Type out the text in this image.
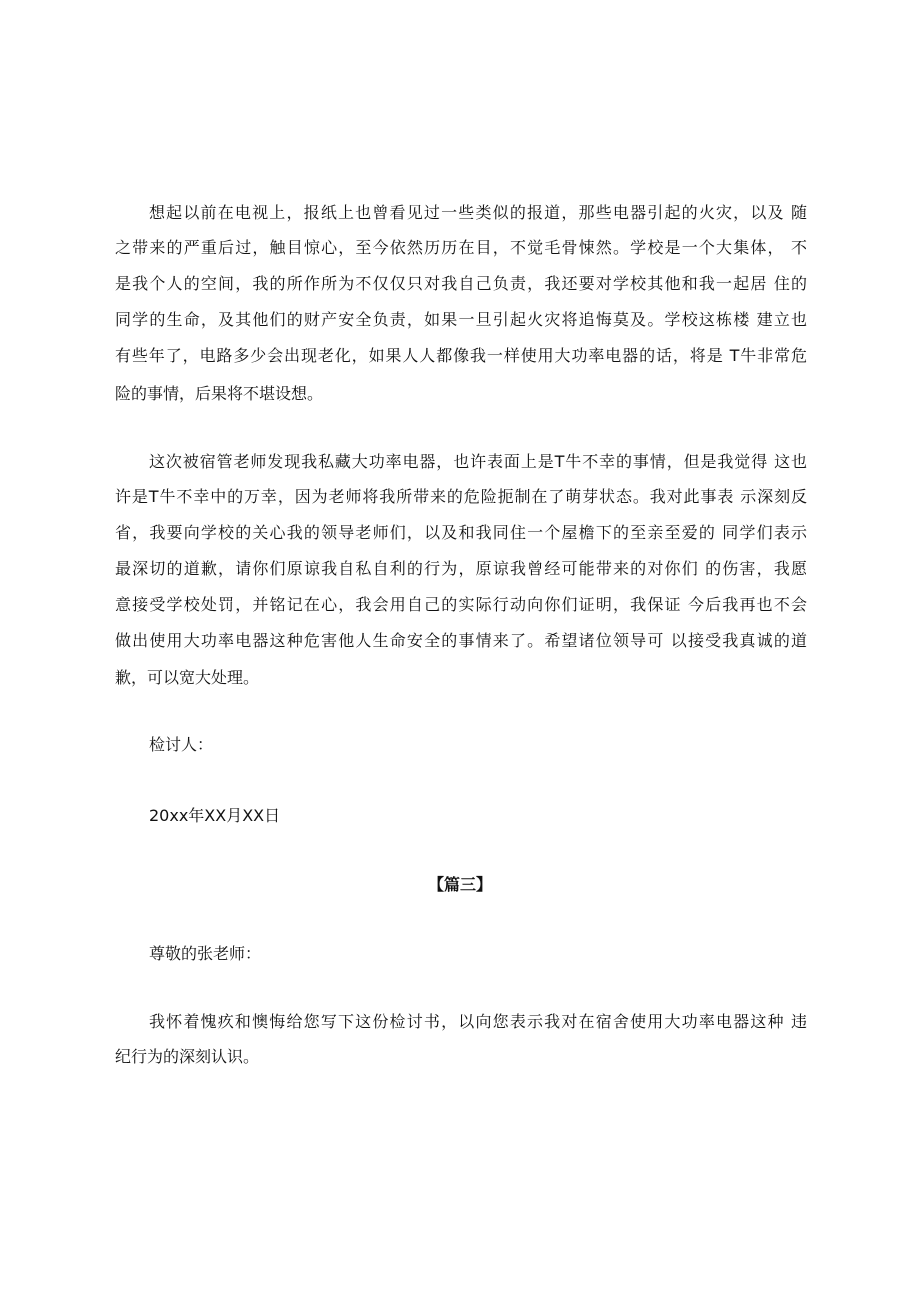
想起以前在电视上，报纸上也曾看见过一些类似的报道，那些电器引起的火灾，以及 随
之带来的严重后过，触目惊心，至今依然历历在目，不觉毛骨悚然。学校是一个大集体， 不
是我个人的空间，我的所作所为不仅仅只对我自己负责，我还要对学校其他和我一起居 住的
同学的生命，及其他们的财产安全负责，如果一旦引起火灾将追悔莫及。学校这栋楼 建立也
有些年了，电路多少会出现老化，如果人人都像我一样使用大功率电器的话，将是 T牛非常危
险的事情，后果将不堪设想。
这次被宿管老师发现我私藏大功率电器，也许表面上是T牛不幸的事情，但是我觉得 这也
许是T牛不幸中的万幸，因为老师将我所带来的危险扼制在了萌芽状态。我对此事表 示深刻反
省，我要向学校的关心我的领导老师们，以及和我同住一个屋檐下的至亲至爱的 同学们表示
最深切的道歉，请你们原谅我自私自利的行为，原谅我曾经可能带来的对你们 的伤害，我愿
意接受学校处罚，并铭记在心，我会用自己的实际行动向你们证明，我保证 今后我再也不会
做出使用大功率电器这种危害他人生命安全的事情来了。希望诸位领导可 以接受我真诚的道
歉，可以宽大处理。
检讨人：
20xx年XX月XX日
【篇三】
尊敬的张老师：
我怀着愧疚和懊悔给您写下这份检讨书，以向您表示我对在宿舍使用大功率电器这种 违
纪行为的深刻认识。
